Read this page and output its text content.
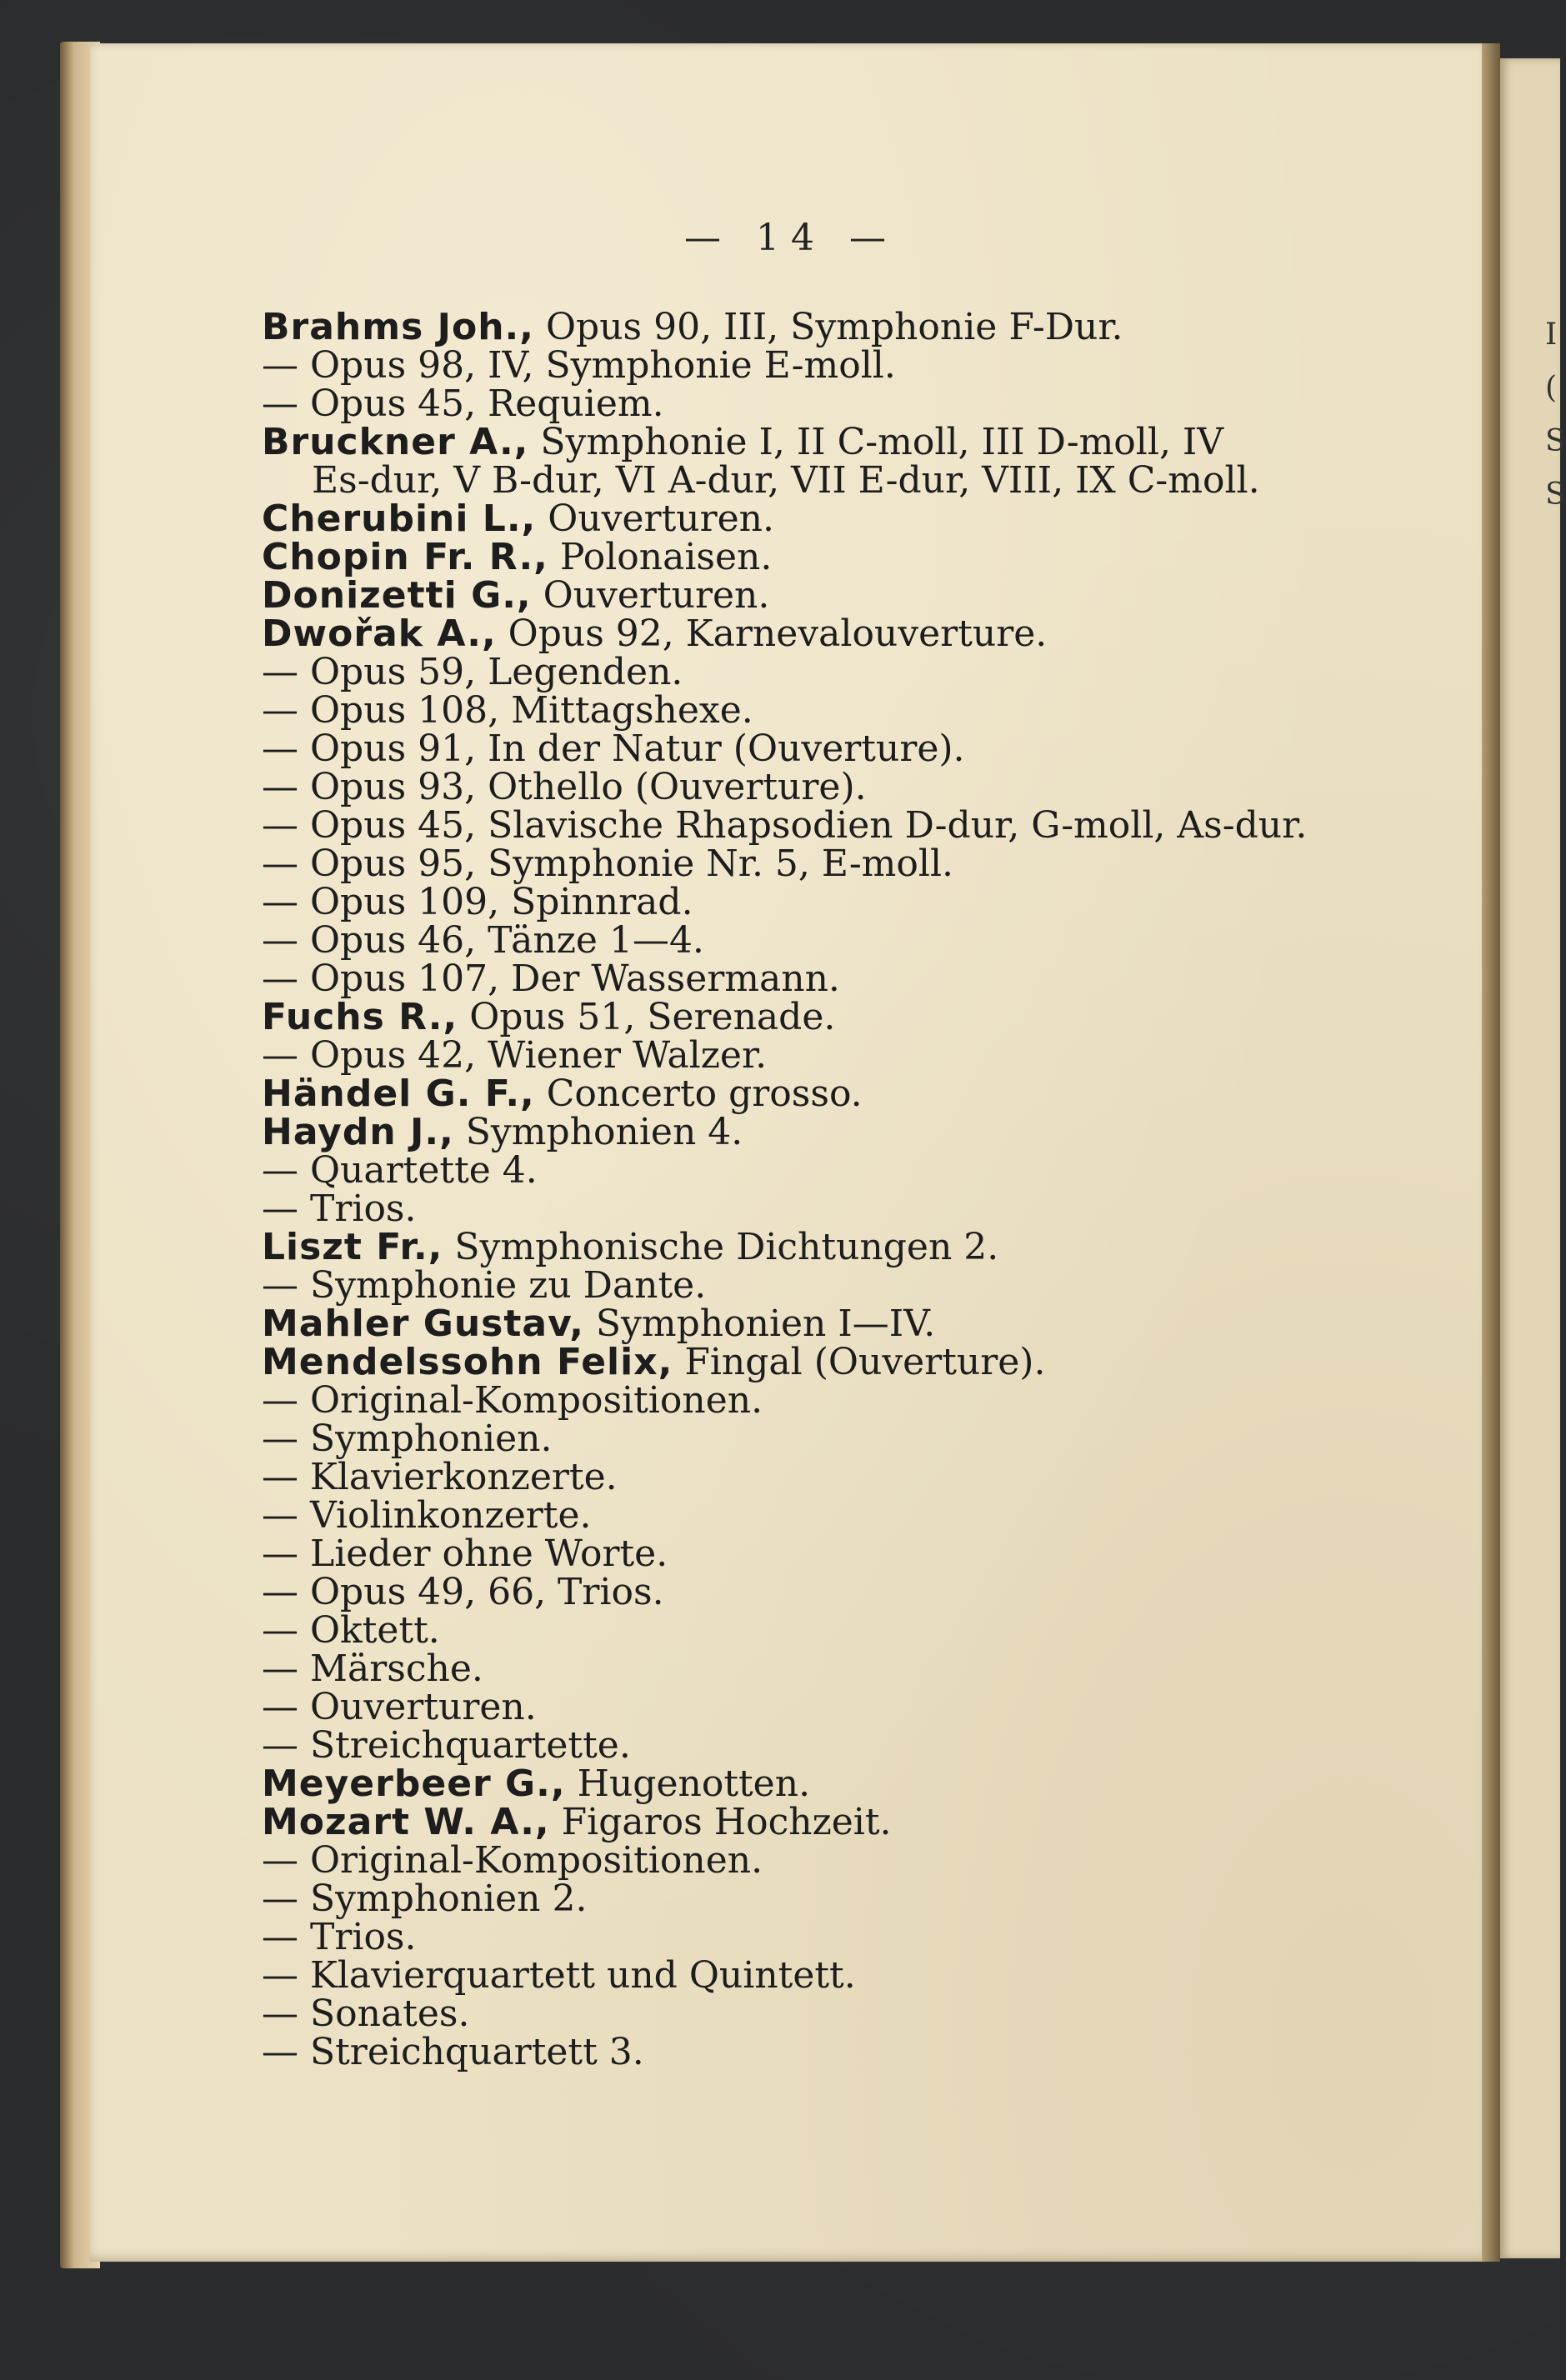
— 14 —
Brahms Joh., Opus 90, III, Symphonie F-Dur.
— Opus 98, IV, Symphonie E-moll.
— Opus 45, Requiem.
Bruckner A., Symphonie I, II C-moll, III D-moll, IV
Es-dur, V B-dur, VI A-dur, VII E-dur, VIII, IX C-moll.
Cherubini L., Ouverturen.
Chopin Fr. R., Polonaisen.
Donizetti G., Ouverturen.
Dwořak A., Opus 92, Karnevalouverture.
— Opus 59, Legenden.
— Opus 108, Mittagshexe.
— Opus 91, In der Natur (Ouverture).
— Opus 93, Othello (Ouverture).
— Opus 45, Slavische Rhapsodien D-dur, G-moll, As-dur.
— Opus 95, Symphonie Nr. 5, E-moll.
— Opus 109, Spinnrad.
— Opus 46, Tänze 1—4.
— Opus 107, Der Wassermann.
Fuchs R., Opus 51, Serenade.
— Opus 42, Wiener Walzer.
Händel G. F., Concerto grosso.
Haydn J., Symphonien 4.
— Quartette 4.
— Trios.
Liszt Fr., Symphonische Dichtungen 2.
— Symphonie zu Dante.
Mahler Gustav, Symphonien I—IV.
Mendelssohn Felix, Fingal (Ouverture).
— Original-Kompositionen.
— Symphonien.
— Klavierkonzerte.
— Violinkonzerte.
— Lieder ohne Worte.
— Opus 49, 66, Trios.
— Oktett.
— Märsche.
— Ouverturen.
— Streichquartette.
Meyerbeer G., Hugenotten.
Mozart W. A., Figaros Hochzeit.
— Original-Kompositionen.
— Symphonien 2.
— Trios.
— Klavierquartett und Quintett.
— Sonates.
— Streichquartett 3.
I
(
S
S
